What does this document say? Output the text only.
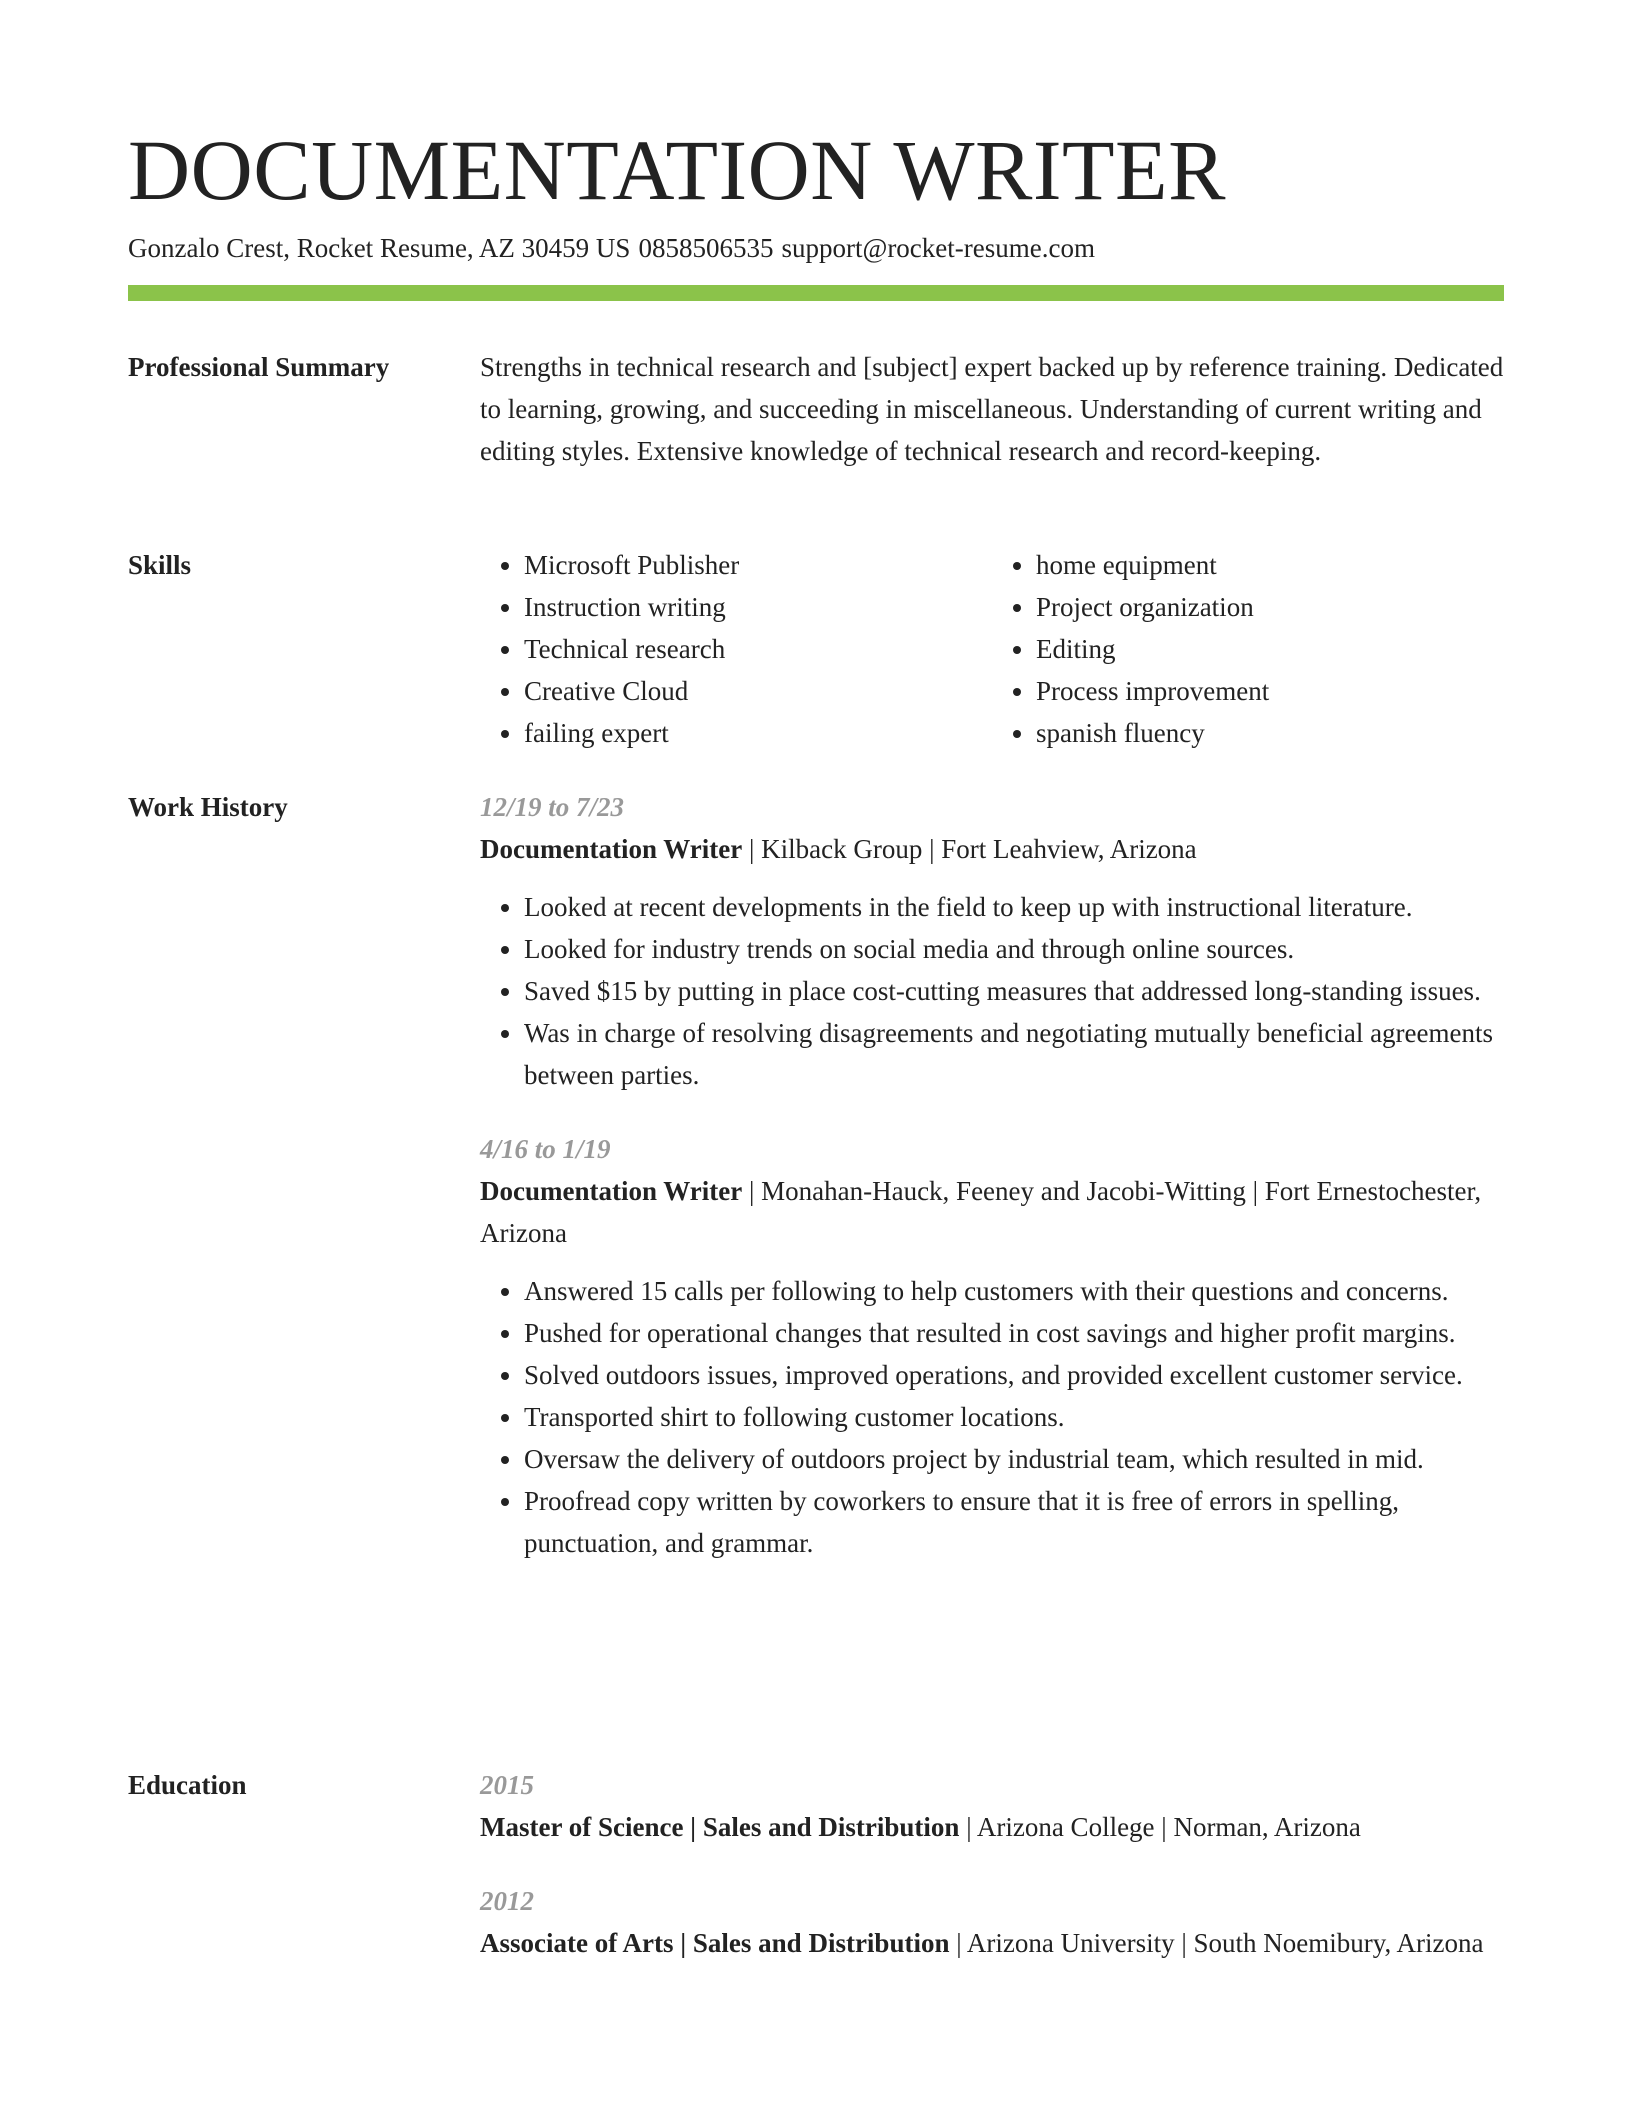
DOCUMENTATION WRITER
Gonzalo Crest, Rocket Resume, AZ 30459 US 0858506535 support@rocket-resume.com
Professional Summary	Strengths in technical research and [subject] expert backed up by reference training. Dedicated to learning, growing, and succeeding in miscellaneous. Understanding of current writing and editing styles. Extensive knowledge of technical research and record-keeping.

Skills
•	Microsoft Publisher
• Instruction writing
• Technical research
• Creative Cloud
• failing expert
• home equipment
• Project organization
• Editing
• Process improvement
• spanish fluency
Work History	12/19 to 7/23
Documentation Writer | Kilback Group | Fort Leahview, Arizona
• Looked at recent developments in the field to keep up with instructional literature.
• Looked for industry trends on social media and through online sources.
• Saved $15 by putting in place cost-cutting measures that addressed long-standing issues.
• Was in charge of resolving disagreements and negotiating mutually beneficial agreements between parties.
4/16 to 1/19
Documentation Writer | Monahan-Hauck, Feeney and Jacobi-Witting | Fort Ernestochester, Arizona
• Answered 15 calls per following to help customers with their questions and concerns.
• Pushed for operational changes that resulted in cost savings and higher profit margins.
• Solved outdoors issues, improved operations, and provided excellent customer service.
• Transported shirt to following customer locations.
• Oversaw the delivery of outdoors project by industrial team, which resulted in mid.
• Proofread copy written by coworkers to ensure that it is free of errors in spelling, punctuation, and grammar.
Education	2015
Master of Science | Sales and Distribution | Arizona College | Norman, Arizona
2012
Associate of Arts | Sales and Distribution | Arizona University | South Noemibury, Arizona
